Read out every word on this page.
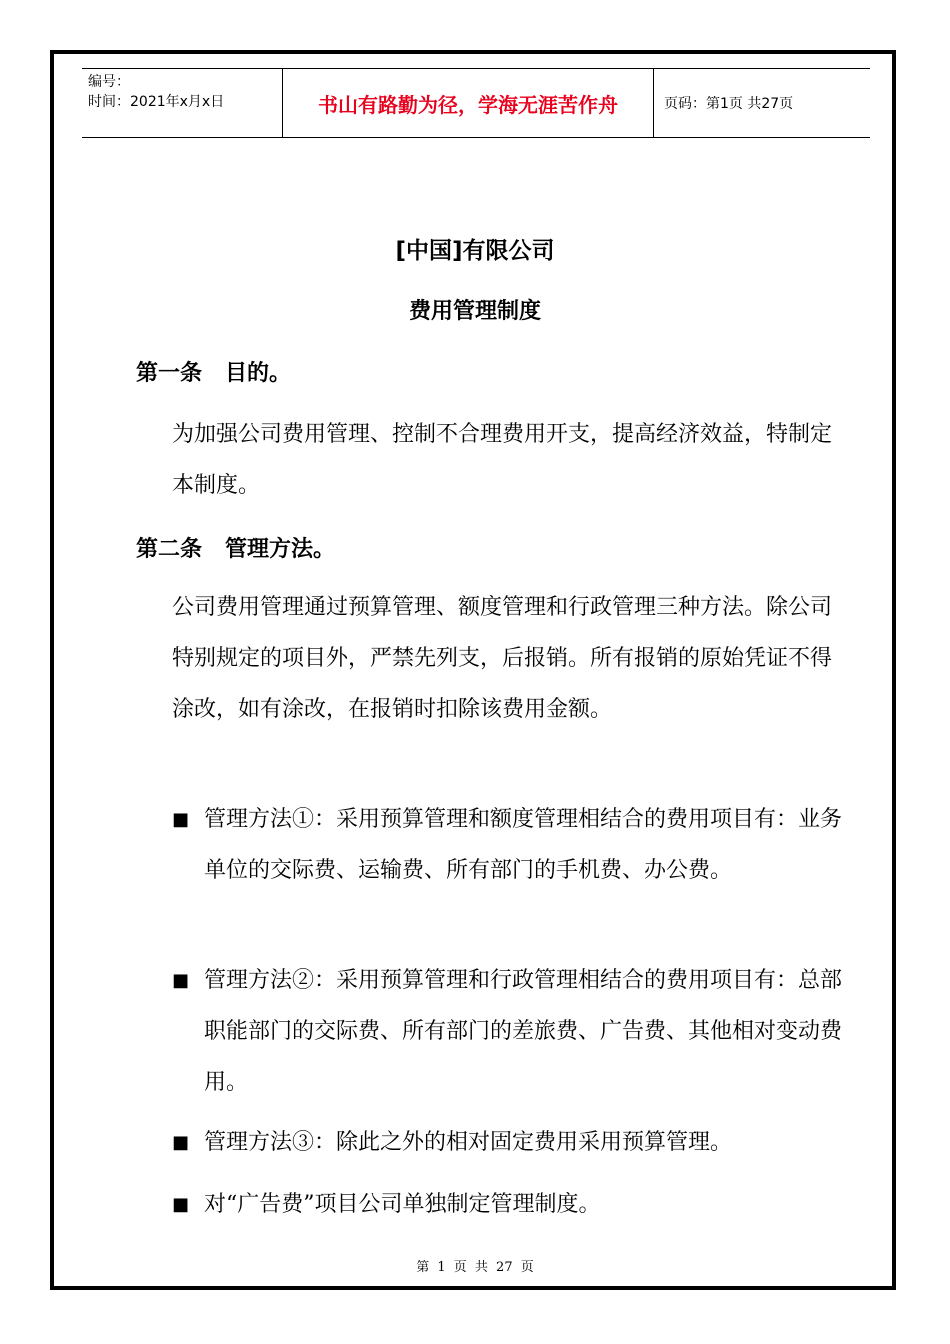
编号：
时间：2021年x月x日	书山有路勤为径，学海无涯苦作舟	页码：第1页 共27页
[中国]有限公司
费用管理制度
第一条   目的。
为加强公司费用管理、控制不合理费用开支，提高经济效益，特制定本制度。
第二条   管理方法。
公司费用管理通过预算管理、额度管理和行政管理三种方法。除公司特别规定的项目外，严禁先列支，后报销。所有报销的原始凭证不得涂改，如有涂改，在报销时扣除该费用金额。
■ 管理方法①：采用预算管理和额度管理相结合的费用项目有：业务单位的交际费、运输费、所有部门的手机费、办公费。
■ 管理方法②：采用预算管理和行政管理相结合的费用项目有：总部职能部门的交际费、所有部门的差旅费、广告费、其他相对变动费用。
■ 管理方法③：除此之外的相对固定费用采用预算管理。
■ 对“广告费”项目公司单独制定管理制度。
第 1 页 共 27 页
